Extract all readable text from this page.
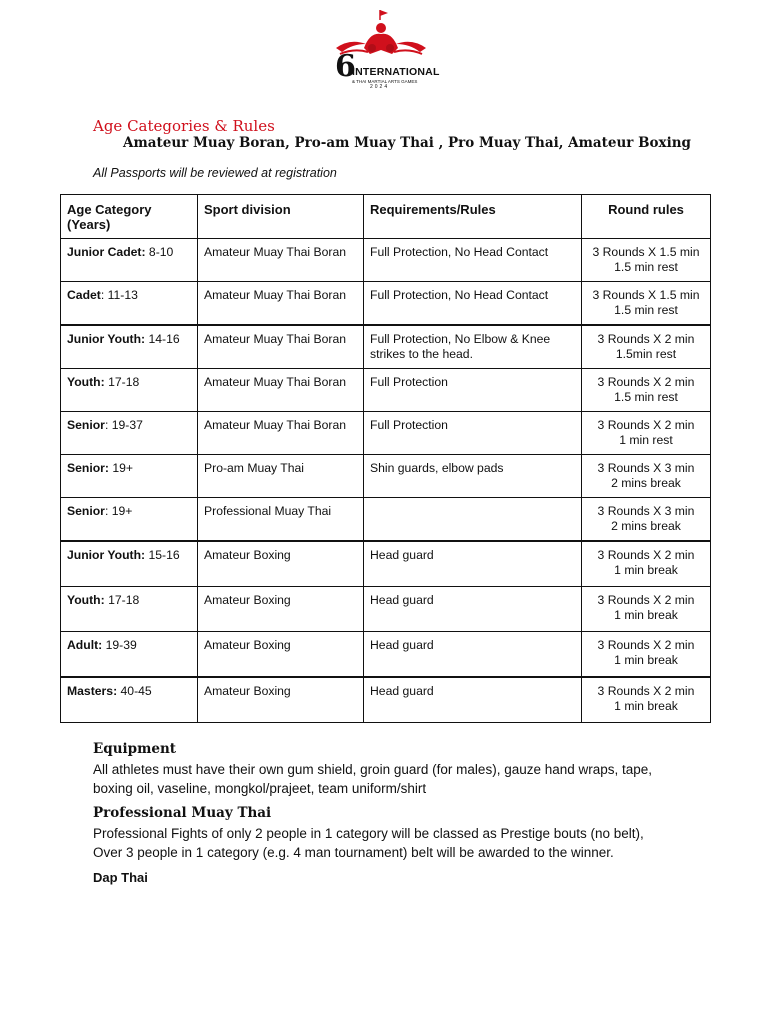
6
INTERNATIONAL
& THAI MARTIAL ARTS GAMES
2024
Age Categories & Rules
Amateur Muay Boran, Pro-am Muay Thai , Pro Muay Thai, Amateur Boxing
All Passports will be reviewed at registration
Age Category (Years)	Sport division	Requirements/Rules	Round rules
Junior Cadet: 8-10	Amateur Muay Thai Boran	Full Protection, No Head Contact	3 Rounds X 1.5 min
1.5 min rest

Cadet: 11-13	Amateur Muay Thai Boran	Full Protection, No Head Contact	3 Rounds X 1.5 min
1.5 min rest

Junior Youth: 14-16	Amateur Muay Thai Boran	Full Protection, No Elbow & Knee strikes to the head.	3 Rounds X 2 min
1.5min rest

Youth: 17-18	Amateur Muay Thai Boran	Full Protection	3 Rounds X 2 min
1.5 min rest

Senior: 19-37	Amateur Muay Thai Boran	Full Protection	3 Rounds X 2 min
1 min rest

Senior: 19+	Pro-am Muay Thai	Shin guards, elbow pads	3 Rounds X 3 min
2 mins break

Senior: 19+	Professional Muay Thai		3 Rounds X 3 min
2 mins break

Junior Youth: 15-16	Amateur Boxing	Head guard	3 Rounds X 2 min
1 min break

Youth: 17-18	Amateur Boxing	Head guard	3 Rounds X 2 min
1 min break

Adult: 19-39	Amateur Boxing	Head guard	3 Rounds X 2 min
1 min break

Masters: 40-45	Amateur Boxing	Head guard	3 Rounds X 2 min
1 min break
Equipment
All athletes must have their own gum shield, groin guard (for males), gauze hand wraps, tape, boxing oil, vaseline, mongkol/prajeet, team uniform/shirt
Professional Muay Thai
Professional Fights of only 2 people in 1 category will be classed as Prestige bouts (no belt),
Over 3 people in 1 category (e.g. 4 man tournament) belt will be awarded to the winner.
Dap Thai
